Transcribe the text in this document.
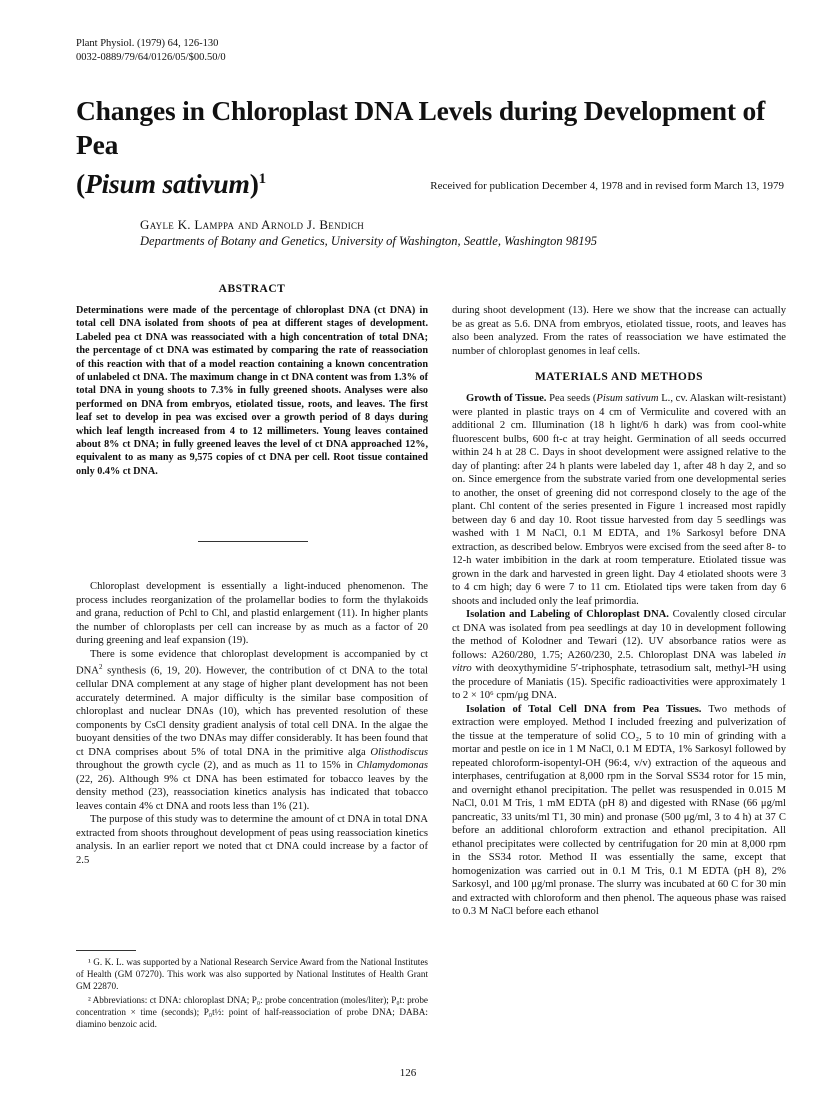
Plant Physiol. (1979) 64, 126-130
0032-0889/79/64/0126/05/$00.50/0
Changes in Chloroplast DNA Levels during Development of Pea
(Pisum sativum)$^1$	Received for publication December 4, 1978 and in revised form March 13, 1979
Gayle K. Lamppa and Arnold J. Bendich
Departments of Botany and Genetics, University of Washington, Seattle, Washington 98195
ABSTRACT
Determinations were made of the percentage of chloroplast DNA (ct DNA) in total cell DNA isolated from shoots of pea at different stages of development. Labeled pea ct DNA was reassociated with a high concentration of total DNA; the percentage of ct DNA was estimated by comparing the rate of reassociation of this reaction with that of a model reaction containing a known concentration of unlabeled ct DNA. The maximum change in ct DNA content was from 1.3% of total DNA in young shoots to 7.3% in fully greened shoots. Analyses were also performed on DNA from embryos, etiolated tissue, roots, and leaves. The first leaf set to develop in pea was excised over a growth period of 8 days during which leaf length increased from 4 to 12 millimeters. Young leaves contained about 8% ct DNA; in fully greened leaves the level of ct DNA approached 12%, equivalent to as many as 9,575 copies of ct DNA per cell. Root tissue contained only 0.4% ct DNA.

Chloroplast development is essentially a light-induced phenomenon. The process includes reorganization of the prolamellar bodies to form the thylakoids and grana, reduction of Pchl to Chl, and plastid enlargement (11). In higher plants the number of chloroplasts per cell can increase by as much as a factor of 20 during greening and leaf expansion (19).

There is some evidence that chloroplast development is accompanied by ct DNA$^2$ synthesis (6, 19, 20). However, the contribution of ct DNA to the total cellular DNA complement at any stage of higher plant development has not been accurately determined. A major difficulty is the similar base composition of chloroplast and nuclear DNAs (10), which has prevented resolution of these components by CsCl density gradient analysis of total cell DNA. In the algae the buoyant densities of the two DNAs may differ considerably. It has been found that ct DNA comprises about 5% of total DNA in the primitive alga Olisthodiscus throughout the growth cycle (2), and as much as 11 to 15% in Chlamydomonas (22, 26). Although 9% ct DNA has been estimated for tobacco leaves by the density method (23), reassociation kinetics analysis has indicated that tobacco leaves contain 4% ct DNA and roots less than 1% (21).

The purpose of this study was to determine the amount of ct DNA in total DNA extracted from shoots throughout development of peas using reassociation kinetics analysis. In an earlier report we noted that ct DNA could increase by a factor of 2.5

¹ G. K. L. was supported by a National Research Service Award from the National Institutes of Health (GM 07270). This work was also supported by National Institutes of Health Grant GM 22870.

² Abbreviations: ct DNA: chloroplast DNA; P₀: probe concentration (moles/liter); P₀t: probe concentration × time (seconds); P₀t½: point of half-reassociation of probe DNA; DABA: diamino benzoic acid.

during shoot development (13). Here we show that the increase can actually be as great as 5.6. DNA from embryos, etiolated tissue, roots, and leaves has also been analyzed. From the rates of reassociation we have estimated the number of chloroplast genomes in leaf cells.
MATERIALS AND METHODS

Growth of Tissue. Pea seeds (Pisum sativum L., cv. Alaskan wilt-resistant) were planted in plastic trays on 4 cm of Vermiculite and covered with an additional 2 cm. Illumination (18 h light/6 h dark) was from cool-white fluorescent bulbs, 600 ft-c at tray height. Germination of all seeds occurred within 24 h at 28 C. Days in shoot development were assigned relative to the day of planting: after 24 h plants were labeled day 1, after 48 h day 2, and so on. Since emergence from the substrate varied from one developmental series to another, the onset of greening did not correspond closely to the age of the plant. Chl content of the series presented in Figure 1 increased most rapidly between day 6 and day 10. Root tissue harvested from day 5 seedlings was washed with 1 M NaCl, 0.1 M EDTA, and 1% Sarkosyl before DNA extraction, as described below. Embryos were excised from the seed after 8- to 12-h water imbibition in the dark at room temperature. Etiolated tissue was grown in the dark and harvested in green light. Day 4 etiolated shoots were 3 to 4 cm high; day 6 were 7 to 11 cm. Etiolated tips were taken from day 6 shoots and included only the leaf primordia.

Isolation and Labeling of Chloroplast DNA. Covalently closed circular ct DNA was isolated from pea seedlings at day 10 in development following the method of Kolodner and Tewari (12). UV absorbance ratios were as follows: A260/280, 1.75; A260/230, 2.5. Chloroplast DNA was labeled in vitro with deoxythymidine 5′-triphosphate, tetrasodium salt, methyl-³H using the procedure of Maniatis (15). Specific radioactivities were approximately 1 to 2 × 10⁶ cpm/μg DNA.

Isolation of Total Cell DNA from Pea Tissues. Two methods of extraction were employed. Method I included freezing and pulverization of the tissue at the temperature of solid CO₂, 5 to 10 min of grinding with a mortar and pestle on ice in 1 M NaCl, 0.1 M EDTA, 1% Sarkosyl followed by repeated chloroform-isopentyl-OH (96:4, v/v) extraction of the aqueous and interphases, centrifugation at 8,000 rpm in the Sorval SS34 rotor for 15 min, and overnight ethanol precipitation. The pellet was resuspended in 0.015 M NaCl, 0.01 M Tris, 1 mM EDTA (pH 8) and digested with RNase (66 μg/ml pancreatic, 33 units/ml T1, 30 min) and pronase (500 μg/ml, 3 to 4 h) at 37 C before an additional chloroform extraction and ethanol precipitation. All ethanol precipitates were collected by centrifugation for 20 min at 8,000 rpm in the SS34 rotor. Method II was essentially the same, except that homogenization was carried out in 0.1 M Tris, 0.1 M EDTA (pH 8), 2% Sarkosyl, and 100 μg/ml pronase. The slurry was incubated at 60 C for 30 min and extracted with chloroform and then phenol. The aqueous phase was raised to 0.3 M NaCl before each ethanol

126
